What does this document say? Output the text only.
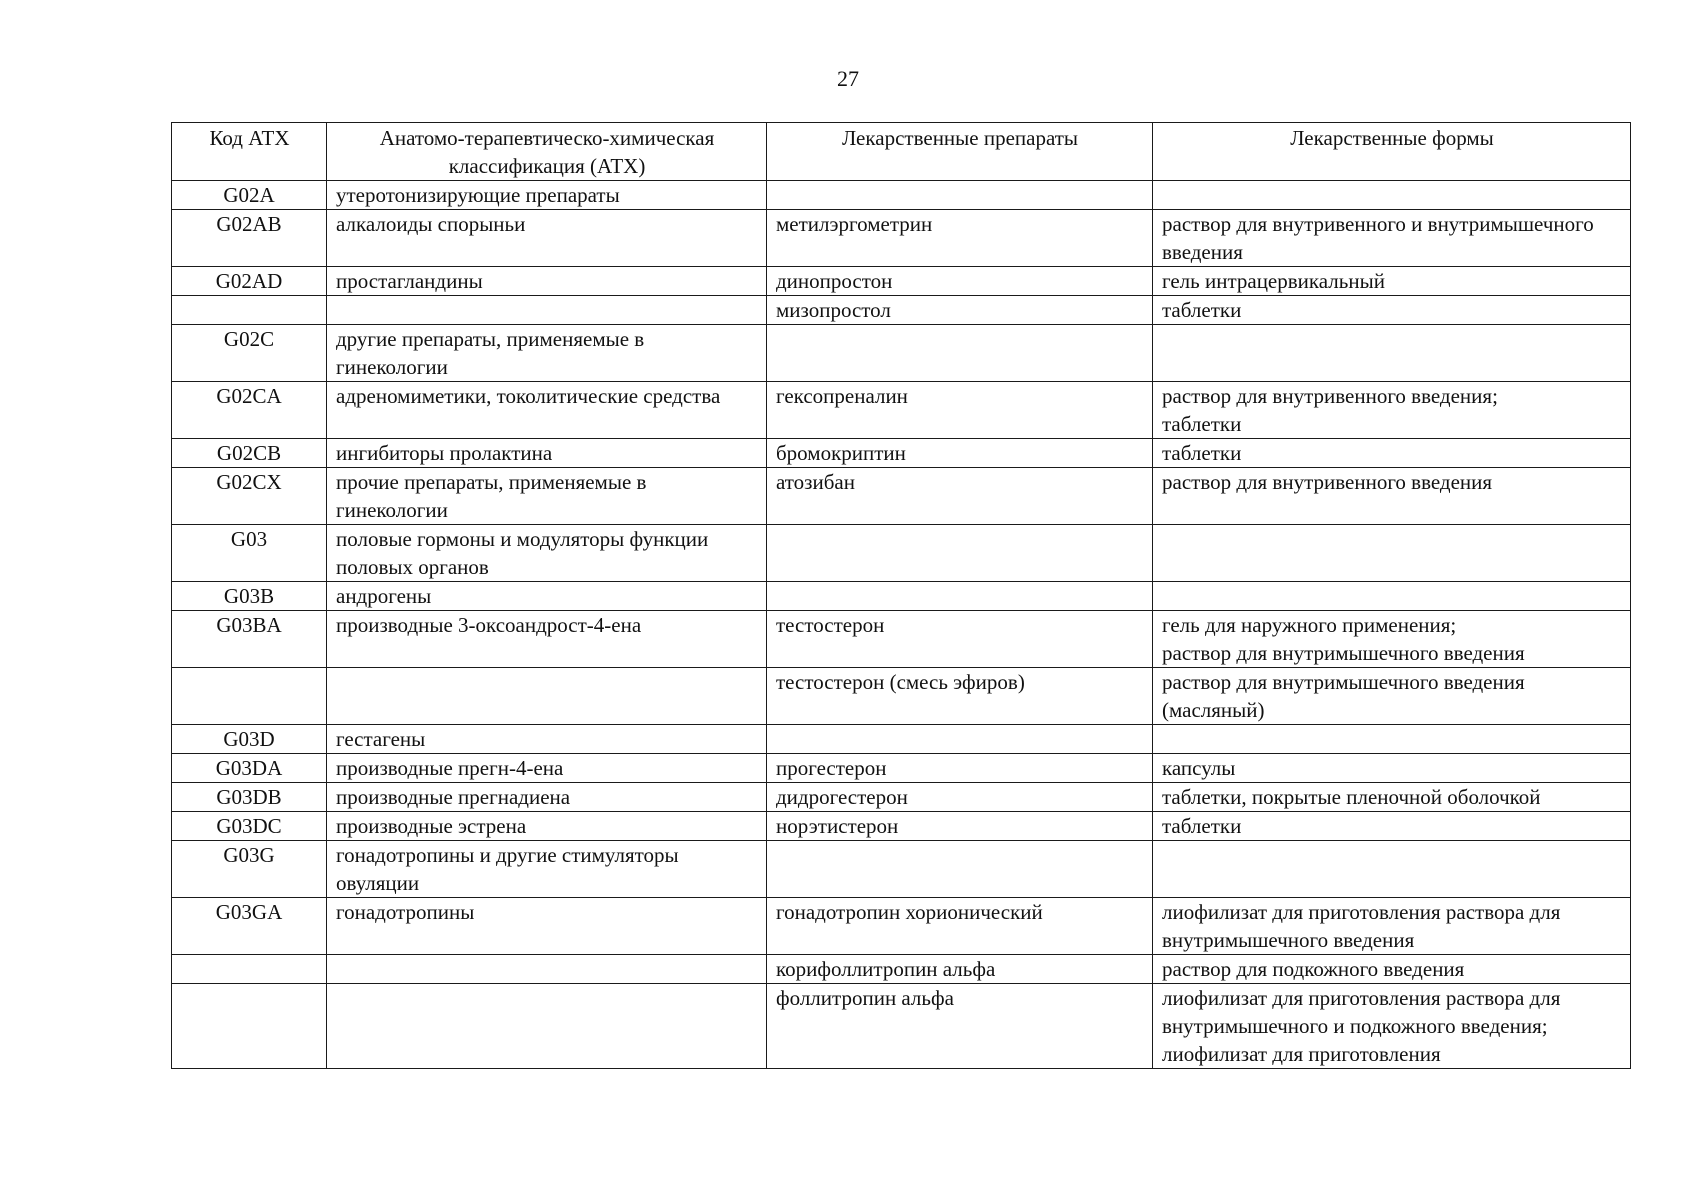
27
Код АТХ	Анатомо-терапевтическо-химическая классификация (АТХ)	Лекарственные препараты	Лекарственные формы

G02A	утеротонизирующие препараты		

G02AB	алкалоиды спорыньи	метилэргометрин	раствор для внутривенного и внутримышечного введения

G02AD	простагландины	динопростон	гель интрацервикальный

		мизопростол	таблетки

G02C	другие препараты, применяемые в гинекологии		

G02CA	адреномиметики, токолитические средства	гексопреналин	раствор для внутривенного введения;
таблетки

G02CB	ингибиторы пролактина	бромокриптин	таблетки

G02CX	прочие препараты, применяемые в гинекологии	атозибан	раствор для внутривенного введения

G03	половые гормоны и модуляторы функции половых органов		

G03B	андрогены		

G03BA	производные 3-оксоандрост-4-ена	тестостерон	гель для наружного применения;
раствор для внутримышечного введения

		тестостерон (смесь эфиров)	раствор для внутримышечного введения (масляный)

G03D	гестагены		

G03DA	производные прегн-4-ена	прогестерон	капсулы

G03DB	производные прегнадиена	дидрогестерон	таблетки, покрытые пленочной оболочкой

G03DC	производные эстрена	норэтистерон	таблетки

G03G	гонадотропины и другие стимуляторы овуляции		

G03GA	гонадотропины	гонадотропин хорионический	лиофилизат для приготовления раствора для внутримышечного введения

		корифоллитропин альфа	раствор для подкожного введения

		фоллитропин альфа	лиофилизат для приготовления раствора для внутримышечного и подкожного введения; лиофилизат для приготовления
